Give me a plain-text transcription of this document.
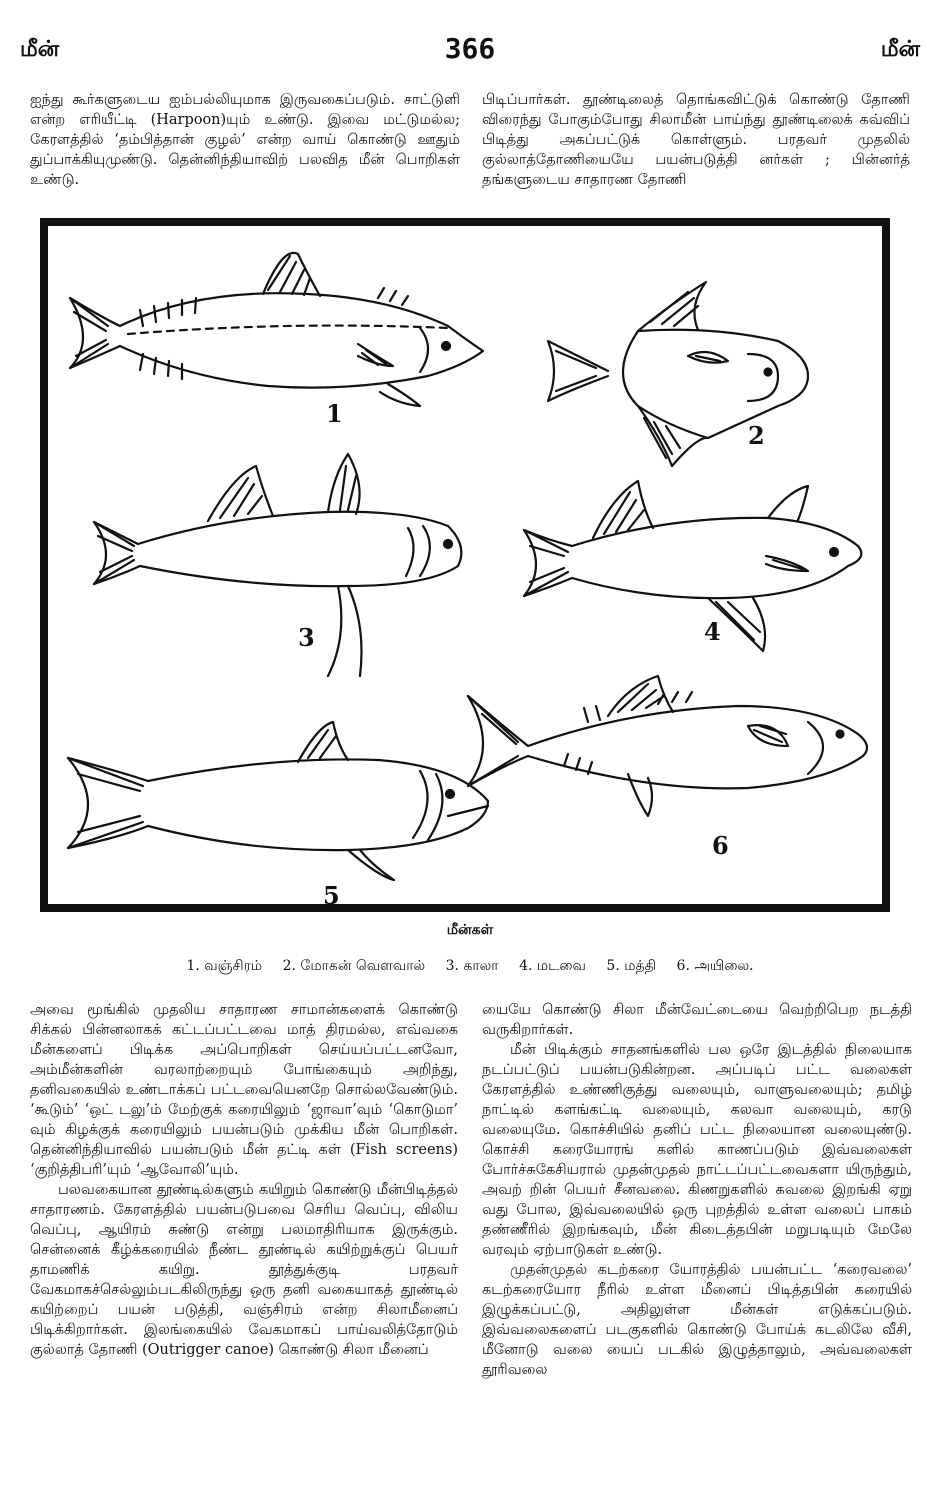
மீன்	366	மீன்

ஐந்து கூர்களுடைய ஐம்பல்லியுமாக இருவகைப்படும். சாட்டுளி என்ற எரியீட்டி (Harpoon)யும் உண்டு. இவை மட்டுமல்ல; கேரளத்தில் ‘தம்பித்தான் குழல்’ என்ற வாய் கொண்டு ஊதும் துப்பாக்கியுமுண்டு. தென்னிந்தியாவிற் பலவித மீன் பொறிகள் உண்டு.

பிடிப்பார்கள். தூண்டிலைத் தொங்கவிட்டுக் கொண்டு தோணி விரைந்து போகும்போது சிலாமீன் பாய்ந்து தூண்டிலைக் கவ்விப் பிடித்து அகப்பட்டுக் கொள்ளும். பரதவர் முதலில் குல்லாத்தோணியையே பயன்படுத்தி னர்கள் ; பின்னர்த் தங்களுடைய சாதாரண தோணி

1
2
3	4
5
6
மீன்கள்
1. வஞ்சிரம் 2. மோகன் வெளவால் 3. காலா 4. மடவை 5. மத்தி 6. அயிலை.

அவை மூங்கில் முதலிய சாதாரண சாமான்களைக் கொண்டு சிக்கல் பின்னலாகக் கட்டப்பட்டவை மாத் திரமல்ல, எவ்வகை மீன்களைப் பிடிக்க அப்பொறிகள் செய்யப்பட்டனவோ, அம்மீன்களின் வரலாற்றையும் போங்கையும் அறிந்து, தனிவகையில் உண்டாக்கப் பட்டவையெனறே சொல்லவேண்டும். ‘கூடும்’ ‘ஒட் டலு’ம் மேற்குக் கரையிலும் ‘ஜாவா’வும் ‘கொடுமா’ வும் கிழக்குக் கரையிலும் பயன்படும் முக்கிய மீன் பொறிகள். தென்னிந்தியாவில் பயன்படும் மீன் தட்டி கள் (Fish screens) ‘குறித்திபரி’யும் ‘ஆவோலி’யும்.

பலவகையான தூண்டில்களும் கயிறும் கொண்டு மீன்பிடித்தல் சாதாரணம். கேரளத்தில் பயன்படுபவை செரிய வெப்பு, விலிய வெப்பு, ஆயிரம் சுண்டு என்று பலமாதிரியாக இருக்கும். சென்னைக் கீழ்க்கரையில் நீண்ட தூண்டில் கயிற்றுக்குப் பெயர் தாமணிக் கயிறு. தூத்துக்குடி பரதவர் வேகமாகச்செல்லும்படகிலிருந்து ஒரு தனி வகையாகத் தூண்டில் கயிற்றைப் பயன் படுத்தி, வஞ்சிரம் என்ற சிலாமீனைப் பிடிக்கிறார்கள். இலங்கையில் வேகமாகப் பாய்வலித்தோடும் குல்லாத் தோணி (Outrigger canoe) கொண்டு சிலா மீனைப்

யையே கொண்டு சிலா மீன்வேட்டையை வெற்றிபெற நடத்தி வருகிறார்கள்.

மீன் பிடிக்கும் சாதனங்களில் பல ஒரே இடத்தில் நிலையாக நடப்பட்டுப் பயன்படுகின்றன. அப்படிப் பட்ட வலைகள் கேரளத்தில் உண்ணிகுத்து வலையும், வாளுவலையும்; தமிழ் நாட்டில் களங்கட்டி வலையும், கலவா வலையும், கரடு வலையுமே. கொச்சியில் தனிப் பட்ட நிலையான வலையுண்டு. கொச்சி கரையோரங் களில் காணப்படும் இவ்வலைகள் போர்ச்சுகேசியரால் முதன்முதல் நாட்டப்பட்டவைகளா யிருந்தும், அவற் றின் பெயர் சீனவலை. கிணறுகளில் கவலை இறங்கி ஏறு வது போல, இவ்வலையில் ஒரு புறத்தில் உள்ள வலைப் பாகம் தண்ணீரில் இறங்கவும், மீன் கிடைத்தபின் மறுபடியும் மேலே வரவும் ஏற்பாடுகள் உண்டு.

முதன்முதல் கடற்கரை யோரத்தில் பயன்பட்ட ‘கரைவலை’ கடற்கரையோர நீரில் உள்ள மீனைப் பிடித்தபின் கரையில் இழுக்கப்பட்டு, அதிலுள்ள மீன்கள் எடுக்கப்படும். இவ்வலைகளைப் படகுகளில் கொண்டு போய்க் கடலிலே வீசி, மீனோடு வலை யைப் படகில் இழுத்தாலும், அவ்வலைகள் தூரிவலை
